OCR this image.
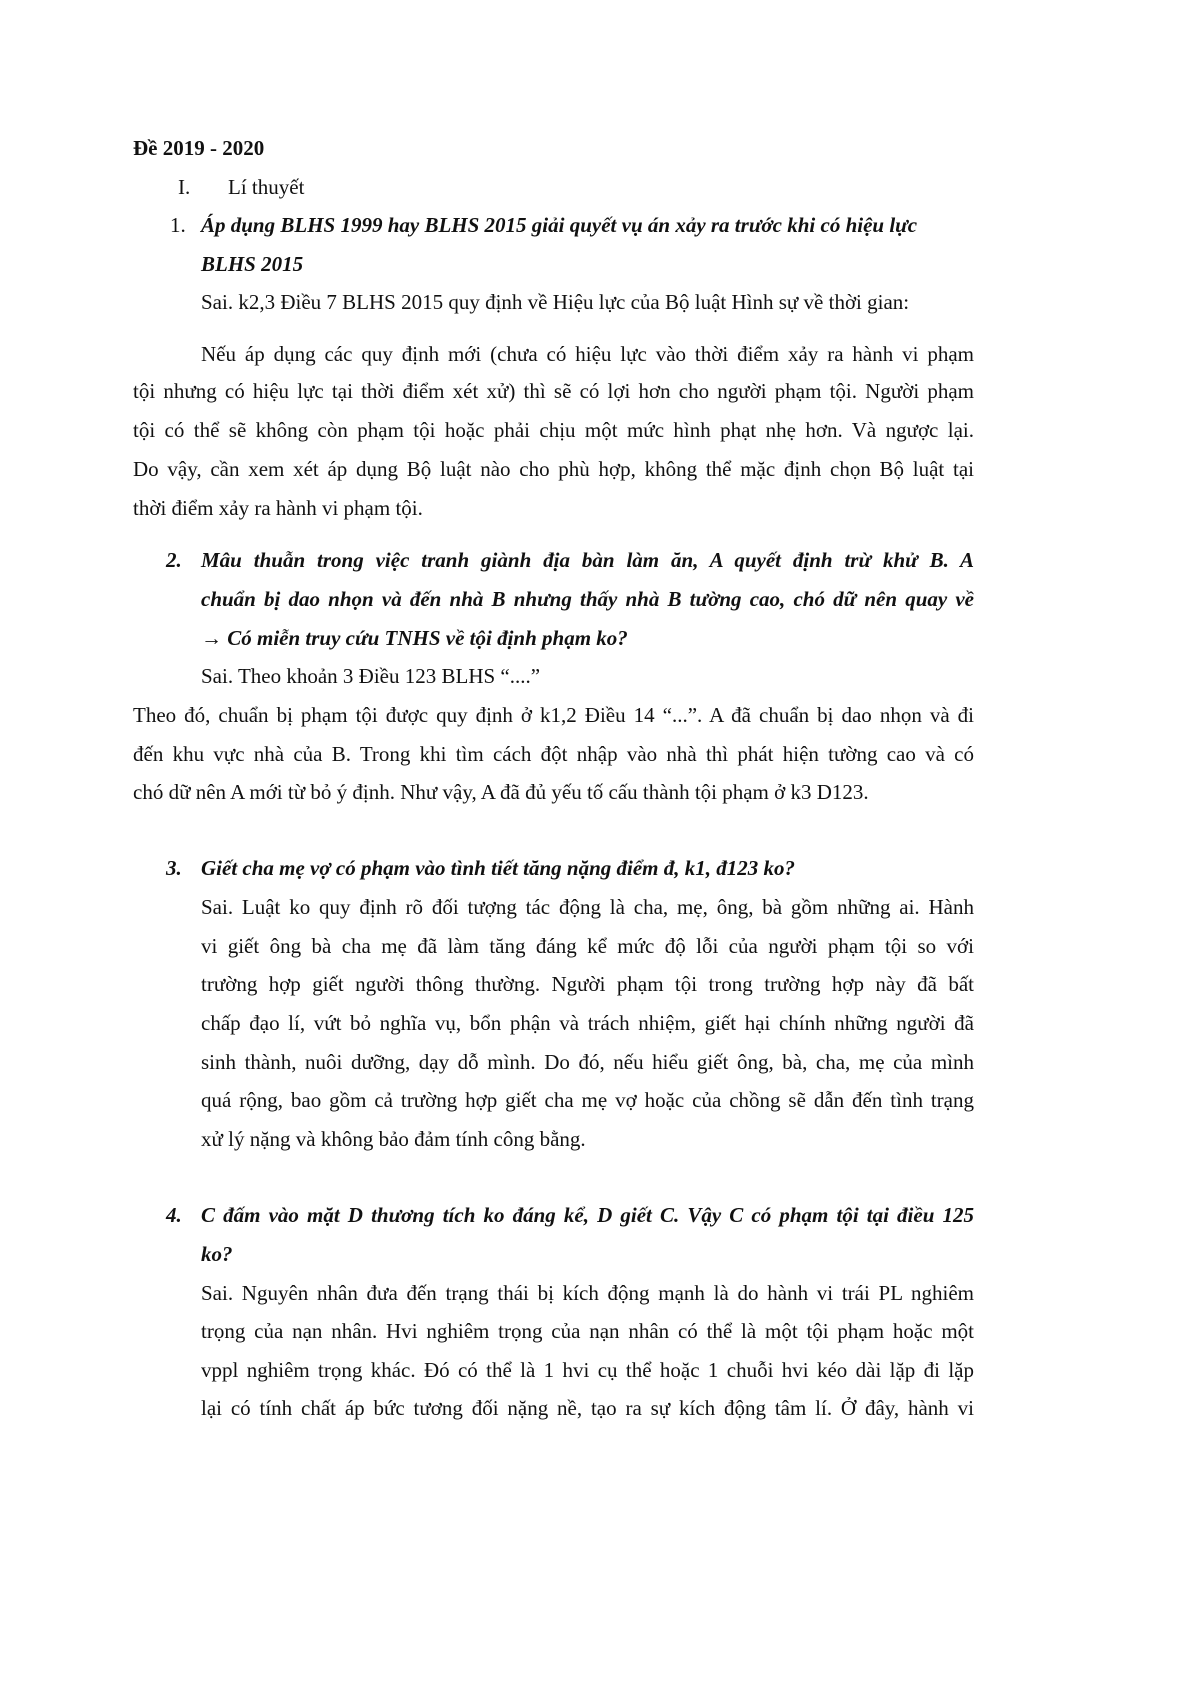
Đề 2019 - 2020
I. Lí thuyết
1. Áp dụng BLHS 1999 hay BLHS 2015 giải quyết vụ án xảy ra trước khi có hiệu lực
BLHS 2015
Sai. k2,3 Điều 7 BLHS 2015 quy định về Hiệu lực của Bộ luật Hình sự về thời gian:
Nếu áp dụng các quy định mới (chưa có hiệu lực vào thời điểm xảy ra hành vi phạm
tội nhưng có hiệu lực tại thời điểm xét xử) thì sẽ có lợi hơn cho người phạm tội. Người phạm
tội có thể sẽ không còn phạm tội hoặc phải chịu một mức hình phạt nhẹ hơn. Và ngược lại.
Do vậy, cần xem xét áp dụng Bộ luật nào cho phù hợp, không thể mặc định chọn Bộ luật tại
thời điểm xảy ra hành vi phạm tội.
2. Mâu thuẫn trong việc tranh giành địa bàn làm ăn, A quyết định trừ khử B. A
chuẩn bị dao nhọn và đến nhà B nhưng thấy nhà B tường cao, chó dữ nên quay về
→ Có miễn truy cứu TNHS về tội định phạm ko?
Sai. Theo khoản 3 Điều 123 BLHS “....”
Theo đó, chuẩn bị phạm tội được quy định ở k1,2 Điều 14 “...”. A đã chuẩn bị dao nhọn và đi
đến khu vực nhà của B. Trong khi tìm cách đột nhập vào nhà thì phát hiện tường cao và có
chó dữ nên A mới từ bỏ ý định. Như vậy, A đã đủ yếu tố cấu thành tội phạm ở k3 D123.
3. Giết cha mẹ vợ có phạm vào tình tiết tăng nặng điểm đ, k1, đ123 ko?
Sai. Luật ko quy định rõ đối tượng tác động là cha, mẹ, ông, bà gồm những ai. Hành
vi giết ông bà cha mẹ đã làm tăng đáng kể mức độ lỗi của người phạm tội so với
trường hợp giết người thông thường. Người phạm tội trong trường hợp này đã bất
chấp đạo lí, vứt bỏ nghĩa vụ, bổn phận và trách nhiệm, giết hại chính những người đã
sinh thành, nuôi dưỡng, dạy dỗ mình. Do đó, nếu hiểu giết ông, bà, cha, mẹ của mình
quá rộng, bao gồm cả trường hợp giết cha mẹ vợ hoặc của chồng sẽ dẫn đến tình trạng
xử lý nặng và không bảo đảm tính công bằng.
4. C đấm vào mặt D thương tích ko đáng kể, D giết C. Vậy C có phạm tội tại điều 125
ko?
Sai. Nguyên nhân đưa đến trạng thái bị kích động mạnh là do hành vi trái PL nghiêm
trọng của nạn nhân. Hvi nghiêm trọng của nạn nhân có thể là một tội phạm hoặc một
vppl nghiêm trọng khác. Đó có thể là 1 hvi cụ thể hoặc 1 chuỗi hvi kéo dài lặp đi lặp
lại có tính chất áp bức tương đối nặng nề, tạo ra sự kích động tâm lí. Ở đây, hành vi
